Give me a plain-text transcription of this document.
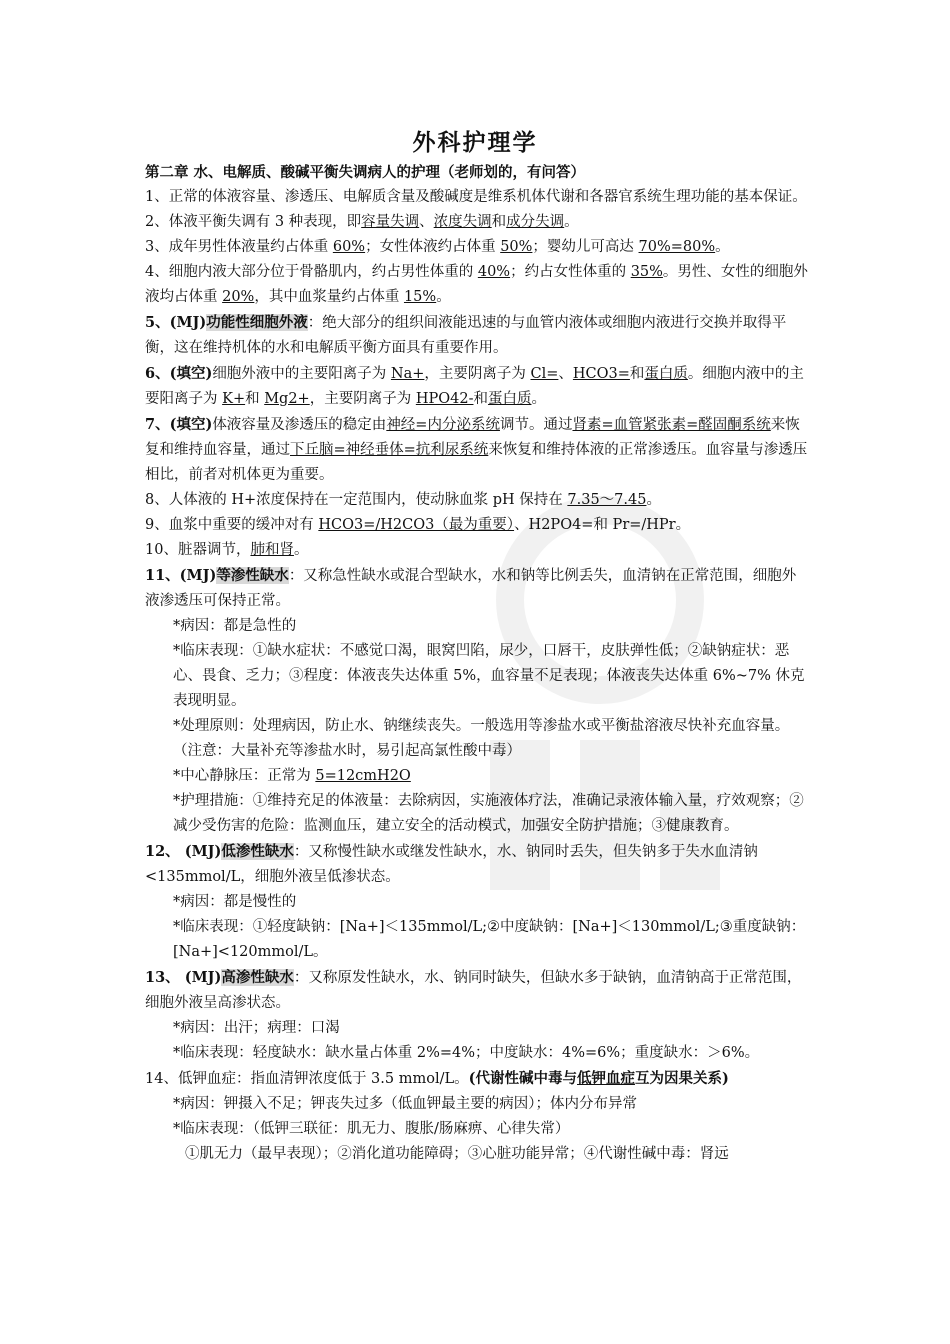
外科护理学

第二章 水、电解质、酸碱平衡失调病人的护理（老师划的，有问答）

1、正常的体液容量、渗透压、电解质含量及酸碱度是维系机体代谢和各器官系统生理功能的基本保证。

2、体液平衡失调有 3 种表现，即容量失调、浓度失调和成分失调。

3、成年男性体液量约占体重 60%；女性体液约占体重 50%；婴幼儿可高达 70%=80%。

4、细胞内液大部分位于骨骼肌内，约占男性体重的 40%；约占女性体重的 35%。男性、女性的细胞外液均占体重 20%，其中血浆量约占体重 15%。

5、(MJ)功能性细胞外液：绝大部分的组织间液能迅速的与血管内液体或细胞内液进行交换并取得平衡，这在维持机体的水和电解质平衡方面具有重要作用。

6、(填空)细胞外液中的主要阳离子为 Na+，主要阴离子为 Cl=、HCO3=和蛋白质。细胞内液中的主要阳离子为 K+和 Mg2+，主要阴离子为 HPO42-和蛋白质。

7、(填空)体液容量及渗透压的稳定由神经=内分泌系统调节。通过肾素=血管紧张素=醛固酮系统来恢复和维持血容量，通过下丘脑=神经垂体=抗利尿系统来恢复和维持体液的正常渗透压。血容量与渗透压相比，前者对机体更为重要。

8、人体液的 H+浓度保持在一定范围内，使动脉血浆 pH 保持在 7.35～7.45。

9、血浆中重要的缓冲对有 HCO3=/H2CO3（最为重要）、H2PO4=和 Pr=/HPr。

10、脏器调节，肺和肾。

11、(MJ)等渗性缺水：又称急性缺水或混合型缺水，水和钠等比例丢失，血清钠在正常范围，细胞外液渗透压可保持正常。

*病因：都是急性的

*临床表现：①缺水症状：不感觉口渴，眼窝凹陷，尿少，口唇干，皮肤弹性低；②缺钠症状：恶心、畏食、乏力；③程度：体液丧失达体重 5%，血容量不足表现；体液丧失达体重 6%~7% 休克表现明显。

*处理原则：处理病因，防止水、钠继续丧失。一般选用等渗盐水或平衡盐溶液尽快补充血容量。（注意：大量补充等渗盐水时，易引起高氯性酸中毒）

*中心静脉压：正常为 5=12cmH2O

*护理措施：①维持充足的体液量：去除病因，实施液体疗法，准确记录液体输入量，疗效观察；②减少受伤害的危险：监测血压，建立安全的活动模式，加强安全防护措施；③健康教育。

12、 (MJ)低渗性缺水：又称慢性缺水或继发性缺水，水、钠同时丢失，但失钠多于失水血清钠<135mmol/L，细胞外液呈低渗状态。

*病因：都是慢性的

*临床表现：①轻度缺钠：[Na+]＜135mmol/L;②中度缺钠：[Na+]＜130mmol/L;③重度缺钠：[Na+]<120mmol/L。

13、 (MJ)高渗性缺水：又称原发性缺水，水、钠同时缺失，但缺水多于缺钠，血清钠高于正常范围，细胞外液呈高渗状态。

*病因：出汗；病理：口渴

*临床表现：轻度缺水：缺水量占体重 2%=4%；中度缺水：4%=6%；重度缺水：＞6%。

14、低钾血症：指血清钾浓度低于 3.5 mmol/L。(代谢性碱中毒与低钾血症互为因果关系)

*病因：钾摄入不足；钾丧失过多（低血钾最主要的病因）；体内分布异常

*临床表现：（低钾三联征：肌无力、腹胀/肠麻痹、心律失常）

①肌无力（最早表现）；②消化道功能障碍；③心脏功能异常；④代谢性碱中毒：肾远
